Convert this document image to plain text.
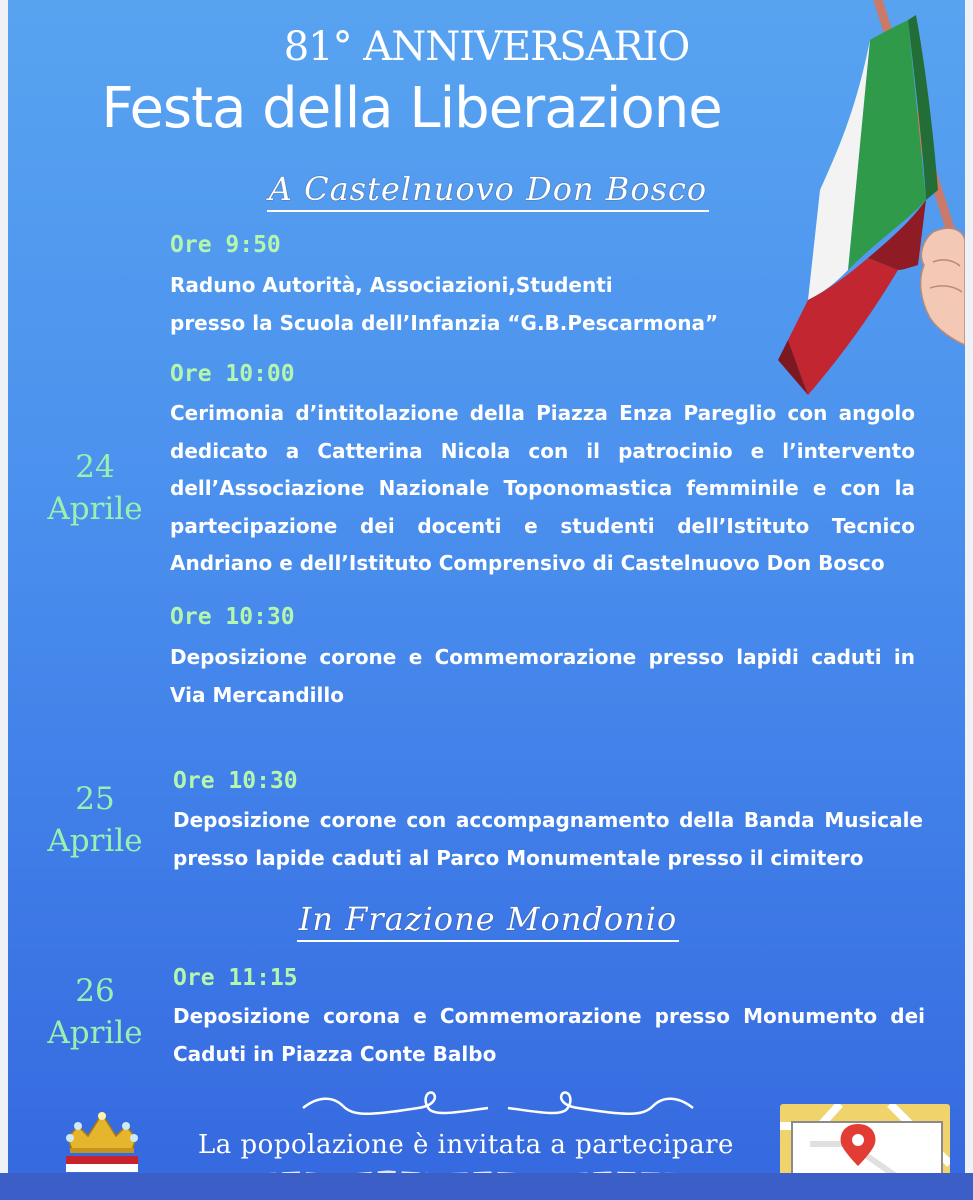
81° ANNIVERSARIO
Festa della Liberazione
A Castelnuovo Don Bosco
24
Aprile
Ore 9:50
Raduno Autorità, Associazioni,Studenti
presso la Scuola dell’Infanzia “G.B.Pescarmona”
Ore 10:00
Cerimonia d’intitolazione della Piazza Enza Pareglio con angolo
dedicato a Catterina Nicola con il patrocinio e l’intervento
dell’Associazione Nazionale Toponomastica femminile e con la
partecipazione dei docenti e studenti dell’Istituto Tecnico
Andriano e dell’Istituto Comprensivo di Castelnuovo Don Bosco
Ore 10:30
Deposizione corone e Commemorazione presso lapidi caduti in
Via Mercandillo
25
Aprile
Ore 10:30
Deposizione corone con accompagnamento della Banda Musicale
presso lapide caduti al Parco Monumentale presso il cimitero
In Frazione Mondonio
26
Aprile
Ore 11:15
Deposizione corona e Commemorazione presso Monumento dei
Caduti in Piazza Conte Balbo
La popolazione è invitata a partecipare
